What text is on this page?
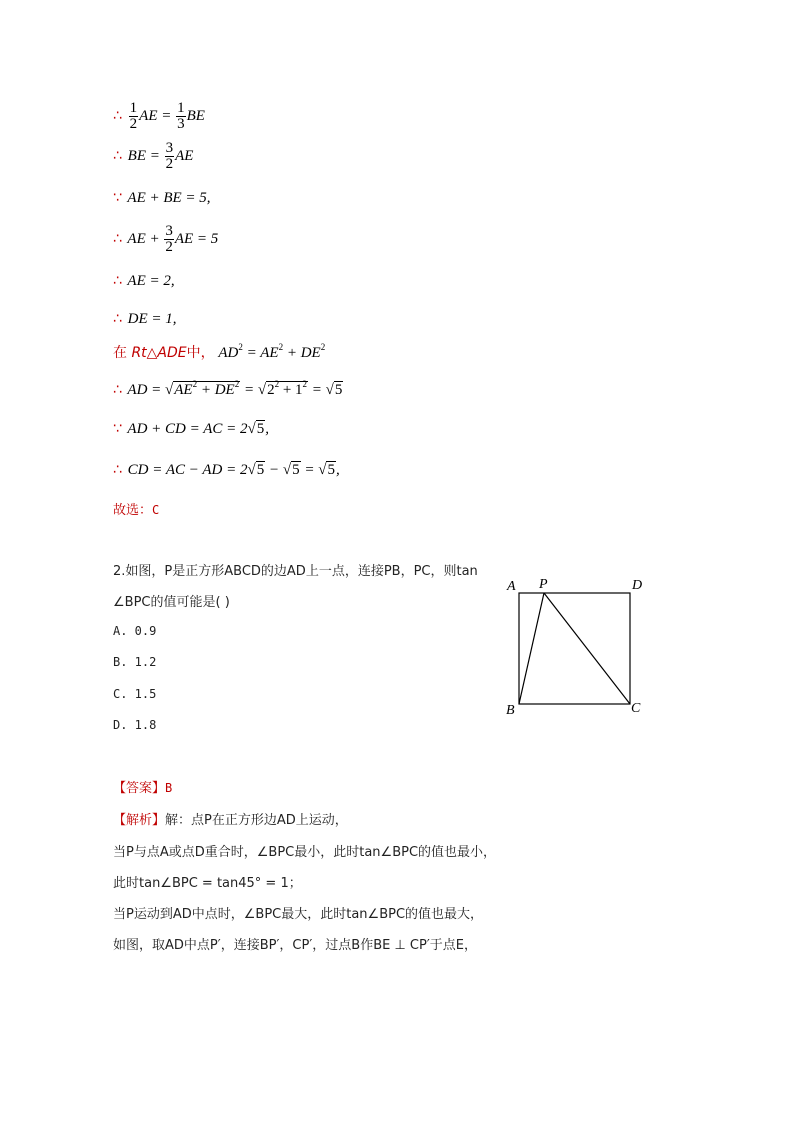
∴ $\frac{1}{2}$ AE = $\frac{1}{3}$ BE
∴ BE = $\frac{3}{2}$ AE
∵ AE + BE = 5,
∴ AE + $\frac{3}{2}$ AE = 5
∴ AE = 2,
∴ DE = 1,
在 Rt△ADE中， $AD^2 = AE^2 + DE^2$
∴ AD = $√AE^2 + DE^2 = √2^2 + 1^2 = √5$
∵ AD + CD = AC = 2√5,
∴ CD = AC − AD = 2√5 − √5 = √5,
故选：C
2.如图，P是正方形ABCD的边AD上一点，连接PB，PC，则tan
∠BPC的值可能是( )
A. 0.9
B. 1.2
C. 1.5
D. 1.8
A P	D
B	C
【答案】B
【解析】解：点P在正方形边AD上运动，
当P与点A或点D重合时，∠BPC最小，此时tan∠BPC的值也最小，
此时tan∠BPC = tan45° = 1；
当P运动到AD中点时，∠BPC最大，此时tan∠BPC的值也最大，
如图，取AD中点P′，连接BP′，CP′，过点B作BE ⊥ CP′于点E，
